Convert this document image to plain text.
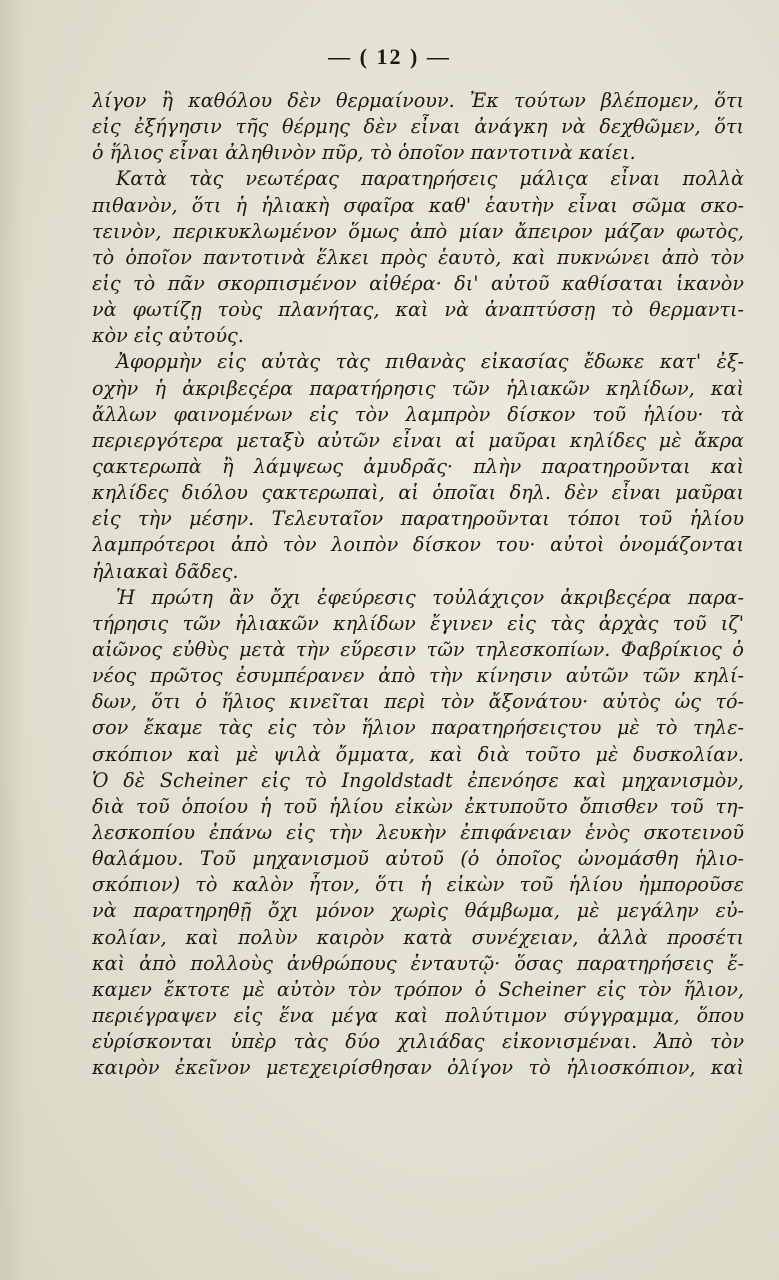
— ( 12 ) —
λίγον ἢ καθόλου δὲν θερμαίνουν. Ἐκ τούτων βλέπομεν, ὅτι
εἰς ἐξήγησιν τῆς θέρμης δὲν εἶναι ἀνάγκη νὰ δεχθῶμεν, ὅτι
ὁ ἥλιος εἶναι ἀληθινὸν πῦρ, τὸ ὁποῖον παντοτινὰ καίει.
Κατὰ τὰς νεωτέρας παρατηρήσεις μάλιςα εἶναι πολλὰ
πιθανὸν, ὅτι ἡ ἡλιακὴ σφαῖρα καθ' ἑαυτὴν εἶναι σῶμα σκο-
τεινὸν, περικυκλωμένον ὅμως ἀπὸ μίαν ἄπειρον μάζαν φωτὸς,
τὸ ὁποῖον παντοτινὰ ἕλκει πρὸς ἑαυτὸ, καὶ πυκνώνει ἀπὸ τὸν
εἰς τὸ πᾶν σκορπισμένον αἰθέρα· δι' αὐτοῦ καθίσαται ἱκανὸν
νὰ φωτίζῃ τοὺς πλανήτας, καὶ νὰ ἀναπτύσσῃ τὸ θερμαντι-
κὸν εἰς αὐτούς.
Ἀφορμὴν εἰς αὐτὰς τὰς πιθανὰς εἰκασίας ἔδωκε κατ' ἐξ-
οχὴν ἡ ἀκριβεςέρα παρατήρησις τῶν ἡλιακῶν κηλίδων, καὶ
ἄλλων φαινομένων εἰς τὸν λαμπρὸν δίσκον τοῦ ἡλίου· τὰ
περιεργότερα μεταξὺ αὐτῶν εἶναι αἱ μαῦραι κηλίδες μὲ ἄκρα
ςακτερωπὰ ἢ λάμψεως ἀμυδρᾶς· πλὴν παρατηροῦνται καὶ
κηλίδες διόλου ςακτερωπαὶ, αἱ ὁποῖαι δηλ. δὲν εἶναι μαῦραι
εἰς τὴν μέσην. Τελευταῖον παρατηροῦνται τόποι τοῦ ἡλίου
λαμπρότεροι ἀπὸ τὸν λοιπὸν δίσκον του· αὐτοὶ ὀνομάζονται
ἡλιακαὶ δᾶδες.
Ἡ πρώτη ἂν ὄχι ἐφεύρεσις τοὐλάχιςον ἀκριβεςέρα παρα-
τήρησις τῶν ἡλιακῶν κηλίδων ἔγινεν εἰς τὰς ἀρχὰς τοῦ ιζ'
αἰῶνος εὐθὺς μετὰ τὴν εὕρεσιν τῶν τηλεσκοπίων. Φαβρίκιος ὁ
νέος πρῶτος ἐσυμπέρανεν ἀπὸ τὴν κίνησιν αὐτῶν τῶν κηλί-
δων, ὅτι ὁ ἥλιος κινεῖται περὶ τὸν ἄξονάτου· αὐτὸς ὡς τό-
σον ἔκαμε τὰς εἰς τὸν ἥλιον παρατηρήσειςτου μὲ τὸ τηλε-
σκόπιον καὶ μὲ ψιλὰ ὄμματα, καὶ διὰ τοῦτο μὲ δυσκολίαν.
Ὁ δὲ Scheiner εἰς τὸ Ingoldstadt ἐπενόησε καὶ μηχανισμὸν,
διὰ τοῦ ὁποίου ἡ τοῦ ἡλίου εἰκὼν ἐκτυποῦτο ὄπισθεν τοῦ τη-
λεσκοπίου ἐπάνω εἰς τὴν λευκὴν ἐπιφάνειαν ἑνὸς σκοτεινοῦ
θαλάμου. Τοῦ μηχανισμοῦ αὐτοῦ (ὁ ὁποῖος ὠνομάσθη ἡλιο-
σκόπιον) τὸ καλὸν ἦτον, ὅτι ἡ εἰκὼν τοῦ ἡλίου ἠμποροῦσε
νὰ παρατηρηθῇ ὄχι μόνον χωρὶς θάμβωμα, μὲ μεγάλην εὐ-
κολίαν, καὶ πολὺν καιρὸν κατὰ συνέχειαν, ἀλλὰ προσέτι
καὶ ἀπὸ πολλοὺς ἀνθρώπους ἐνταυτῷ· ὅσας παρατηρήσεις ἔ-
καμεν ἔκτοτε μὲ αὐτὸν τὸν τρόπον ὁ Scheiner εἰς τὸν ἥλιον,
περιέγραψεν εἰς ἕνα μέγα καὶ πολύτιμον σύγγραμμα, ὅπου
εὑρίσκονται ὑπὲρ τὰς δύο χιλιάδας εἰκονισμέναι. Ἀπὸ τὸν
καιρὸν ἐκεῖνον μετεχειρίσθησαν ὀλίγον τὸ ἡλιοσκόπιον, καὶ
